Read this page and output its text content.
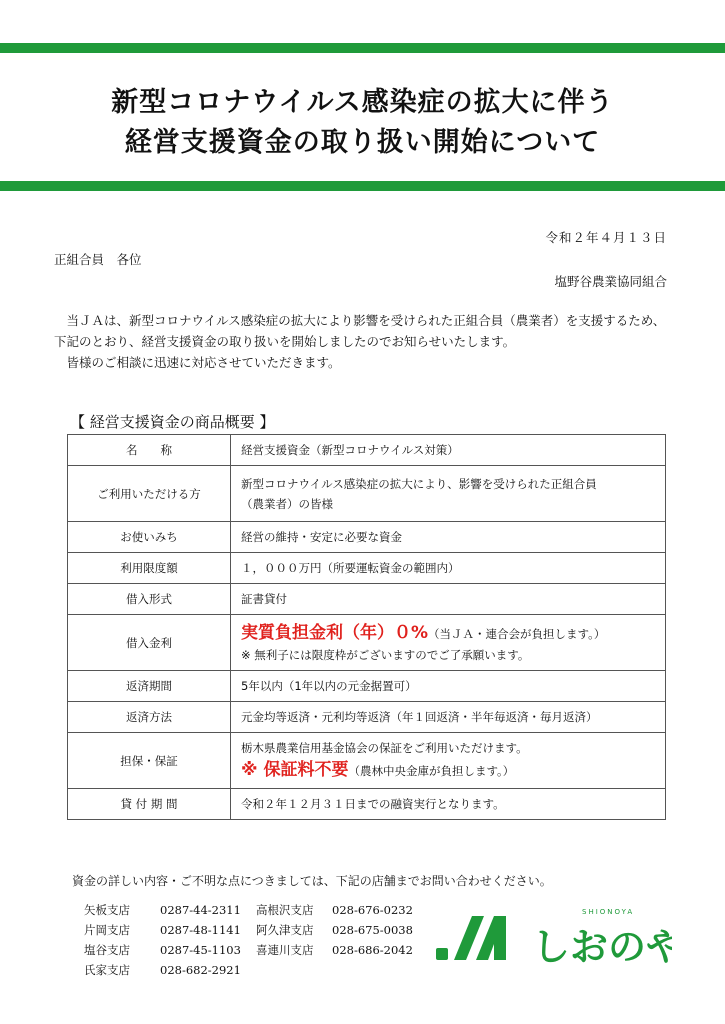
新型コロナウイルス感染症の拡大に伴う
経営支援資金の取り扱い開始について
令和２年４月１３日
正組合員　各位
塩野谷農業協同組合

当ＪＡは、新型コロナウイルス感染症の拡大により影響を受けられた正組合員（農業者）を支援するため、下記のとおり、経営支援資金の取り扱いを開始しましたのでお知らせいたします。

皆様のご相談に迅速に対応させていただきます。

【 経営支援資金の商品概要 】
名　　称	経営支援資金（新型コロナウイルス対策）
ご利用いただける方	新型コロナウイルス感染症の拡大により、影響を受けられた正組合員
（農業者）の皆様

お使いみち	経営の維持・安定に必要な資金
利用限度額	１，０００万円（所要運転資金の範囲内）
借入形式	証書貸付
借入金利	実質負担金利（年）０%（当ＪＡ・連合会が負担します。）
※ 無利子には限度枠がございますのでご了承願います。

返済期間	5年以内（1年以内の元金据置可）
返済方法	元金均等返済・元利均等返済（年１回返済・半年毎返済・毎月返済）
担保・保証	栃木県農業信用基金協会の保証をご利用いただけます。
※ 保証料不要（農林中央金庫が負担します。）

貸 付 期 間	令和２年１２月３１日までの融資実行となります。
資金の詳しい内容・ご不明な点につきましては、下記の店舗までお問い合わせください。
矢板支店	0287-44-2311 高根沢支店 028-676-0232
片岡支店	0287-48-1141 阿久津支店 028-675-0038
塩谷支店	0287-45-1103 喜連川支店 028-686-2042
氏家支店	028-682-2921
しおのや
SHIONOYA
